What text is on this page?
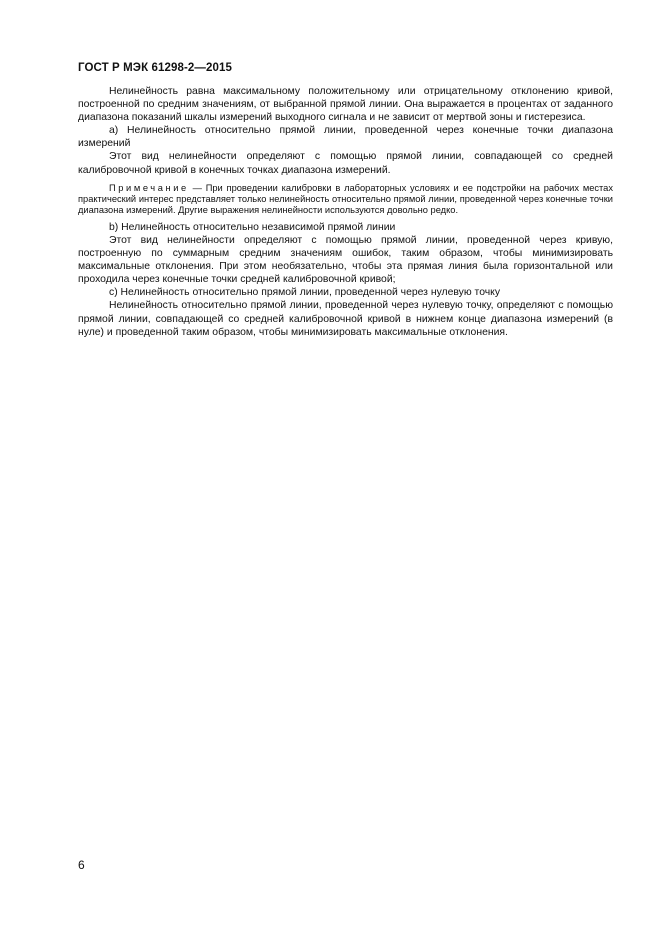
ГОСТ Р МЭК 61298-2—2015

Нелинейность равна максимальному положительному или отрицательному отклонению кривой, построенной по средним значениям, от выбранной прямой линии. Она выражается в процентах от заданного диапазона показаний шкалы измерений выходного сигнала и не зависит от мертвой зоны и гистерезиса.

а) Нелинейность относительно прямой линии, проведенной через конечные точки диапазона измерений

Этот вид нелинейности определяют с помощью прямой линии, совпадающей со средней калибровочной кривой в конечных точках диапазона измерений.

Примечание — При проведении калибровки в лабораторных условиях и ее подстройки на рабочих местах практический интерес представляет только нелинейность относительно прямой линии, проведенной через конечные точки диапазона измерений. Другие выражения нелинейности используются довольно редко.

b) Нелинейность относительно независимой прямой линии

Этот вид нелинейности определяют с помощью прямой линии, проведенной через кривую, построенную по суммарным средним значениям ошибок, таким образом, чтобы минимизировать максимальные отклонения. При этом необязательно, чтобы эта прямая линия была горизонтальной или проходила через конечные точки средней калибровочной кривой;

c) Нелинейность относительно прямой линии, проведенной через нулевую точку

Нелинейность относительно прямой линии, проведенной через нулевую точку, определяют с помощью прямой линии, совпадающей со средней калибровочной кривой в нижнем конце диапазона измерений (в нуле) и проведенной таким образом, чтобы минимизировать максимальные отклонения.

6
